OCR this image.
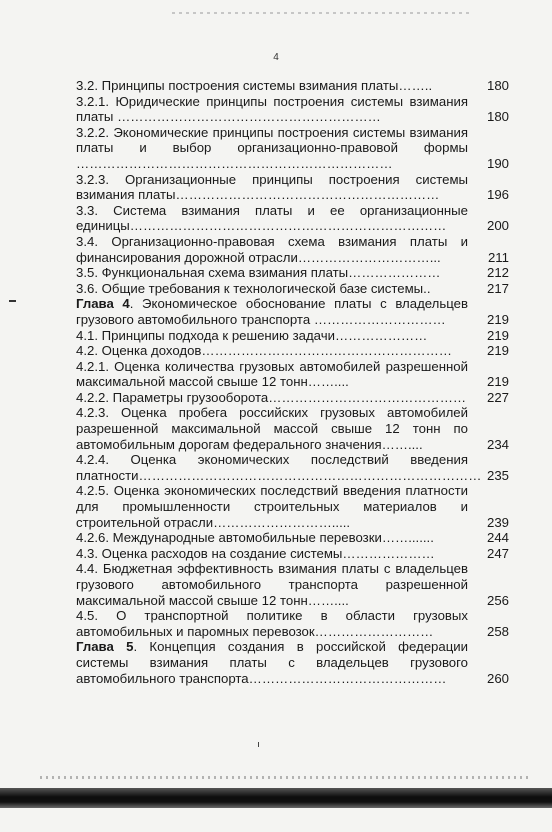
4
3.2. Принципы построения системы взимания платы……..	180
3.2.1. Юридические принципы построения системы взимания платы ……………………………………………………	180
3.2.2. Экономические принципы построения системы взимания платы и выбор организационно-правовой формы ………………………………………………………………	190
3.2.3. Организационные принципы построения системы взимания платы……………………………………………………	196
3.3. Система взимания платы и ее организационные единицы………………………………………………………………	200
3.4. Организационно-правовая схема взимания платы и финансирования дорожной отрасли…………………………...	211
3.5. Функциональная схема взимания платы…………………	212
3.6. Общие требования к технологической базе системы..	217
Глава 4. Экономическое обоснование платы с владельцев грузового автомобильного транспорта …………………………	219
4.1. Принципы подхода к решению задачи…………………	219
4.2. Оценка доходов…………………………………………………	219
4.2.1. Оценка количества грузовых автомобилей разрешенной максимальной массой свыше 12 тонн……....	219
4.2.2. Параметры грузооборота………………………………………	227
4.2.3. Оценка пробега российских грузовых автомобилей разрешенной максимальной массой свыше 12 тонн по автомобильным дорогам федерального значения……....	234
4.2.4. Оценка экономических последствий введения платности…………………………………………………………………… 235
4.2.5. Оценка экономических последствий введения платности для промышленности строительных материалов и строительной отрасли……………………….....	239
4.2.6. Международные автомобильные перевозки…….......	244
4.3. Оценка расходов на создание системы…………………	247
4.4. Бюджетная эффективность взимания платы с владельцев грузового автомобильного транспорта разрешенной максимальной массой свыше 12 тонн……....	256
4.5. О транспортной политике в области грузовых автомобильных и паромных перевозок………………………	258
Глава 5. Концепция создания в российской федерации системы взимания платы с владельцев грузового автомобильного транспорта………………………………………	260
